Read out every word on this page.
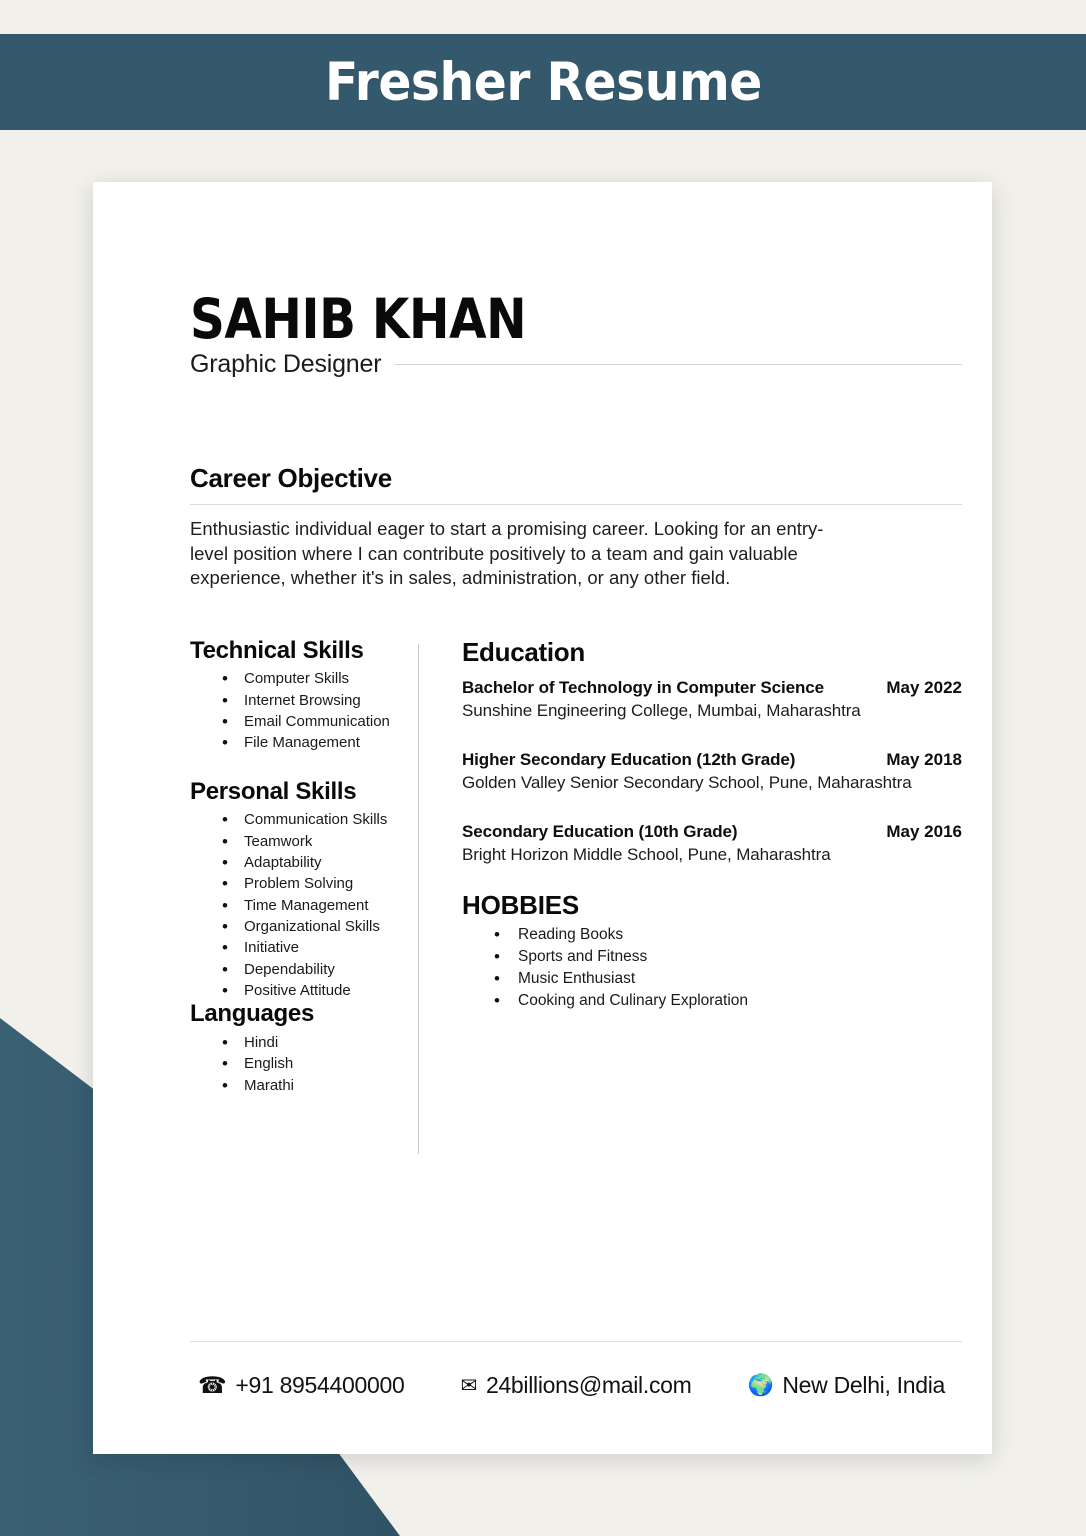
Fresher Resume
SAHIB KHAN
Graphic Designer
Career Objective
Enthusiastic individual eager to start a promising career. Looking for an entry-level position where I can contribute positively to a team and gain valuable experience, whether it's in sales, administration, or any other field.
Technical Skills
• Computer Skills
• Internet Browsing
• Email Communication
• File Management
Personal Skills
• Communication Skills
• Teamwork
• Adaptability
• Problem Solving
• Time Management
• Organizational Skills
• Initiative
• Dependability
• Positive Attitude
Languages
• Hindi
• English
• Marathi
Education
Bachelor of Technology in Computer Science	May 2022
Sunshine Engineering College, Mumbai, Maharashtra
Higher Secondary Education (12th Grade)	May 2018
Golden Valley Senior Secondary School, Pune, Maharashtra
Secondary Education (10th Grade)	May 2016
Bright Horizon Middle School, Pune, Maharashtra
HOBBIES
• Reading Books
• Sports and Fitness
• Music Enthusiast
• Cooking and Culinary Exploration
☎ +91 8954400000	✉ 24billions@mail.com	🌍 New Delhi, India
